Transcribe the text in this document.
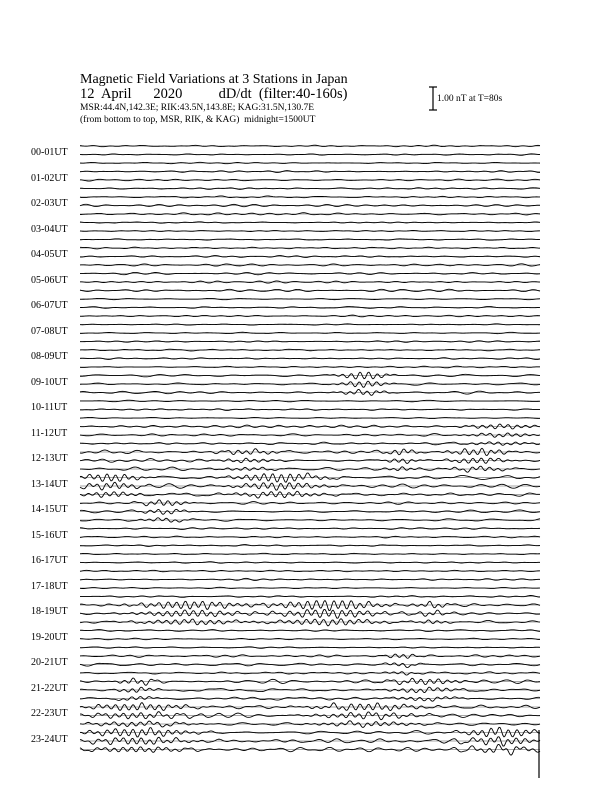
Magnetic Field Variations at 3 Stations in Japan
12 April 2020	dD/dt (filter:40-160s)
MSR:44.4N,142.3E; RIK:43.5N,143.8E; KAG:31.5N,130.7E
(from bottom to top, MSR, RIK, & KAG) midnight=1500UT
1.00 nT at T=80s
00-01UT
01-02UT
02-03UT
03-04UT
04-05UT
05-06UT
06-07UT
07-08UT
08-09UT
09-10UT
10-11UT
11-12UT
12-13UT
13-14UT
14-15UT
15-16UT
16-17UT
17-18UT
18-19UT
19-20UT
20-21UT
21-22UT
22-23UT
23-24UT
